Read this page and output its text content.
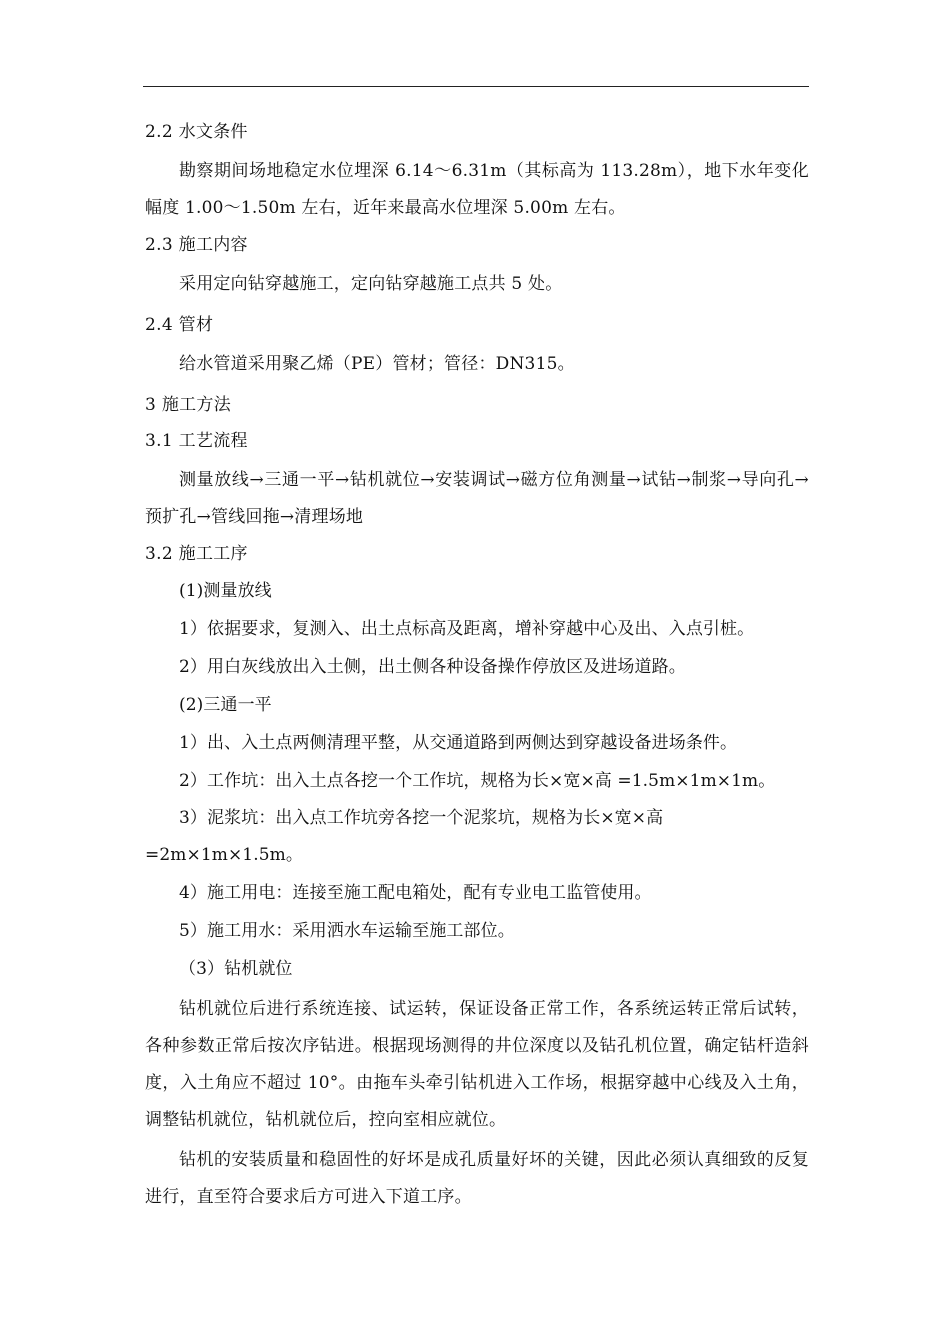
2.2 水文条件
勘察期间场地稳定水位埋深 6.14～6.31m（其标高为 113.28m），地下水年变化幅度 1.00～1.50m 左右，近年来最高水位埋深 5.00m 左右。
2.3 施工内容
采用定向钻穿越施工，定向钻穿越施工点共 5 处。
2.4 管材
给水管道采用聚乙烯（PE）管材；管径：DN315。
3 施工方法
3.1 工艺流程
测量放线→三通一平→钻机就位→安装调试→磁方位角测量→试钻→制浆→导向孔→预扩孔→管线回拖→清理场地
3.2 施工工序
(1)测量放线
1）依据要求，复测入、出土点标高及距离，增补穿越中心及出、入点引桩。
2）用白灰线放出入土侧，出土侧各种设备操作停放区及进场道路。
(2)三通一平
1）出、入土点两侧清理平整，从交通道路到两侧达到穿越设备进场条件。
2）工作坑：出入土点各挖一个工作坑，规格为长×宽×高 =1.5m×1m×1m。
3）泥浆坑：出入点工作坑旁各挖一个泥浆坑，规格为长×宽×高 =2m×1m×1.5m。
4）施工用电：连接至施工配电箱处，配有专业电工监管使用。
5）施工用水：采用洒水车运输至施工部位。
（3）钻机就位
钻机就位后进行系统连接、试运转，保证设备正常工作，各系统运转正常后试转，各种参数正常后按次序钻进。根据现场测得的井位深度以及钻孔机位置，确定钻杆造斜度，入土角应不超过 10°。由拖车头牵引钻机进入工作场，根据穿越中心线及入土角，调整钻机就位，钻机就位后，控向室相应就位。
钻机的安装质量和稳固性的好坏是成孔质量好坏的关键，因此必须认真细致的反复进行，直至符合要求后方可进入下道工序。
